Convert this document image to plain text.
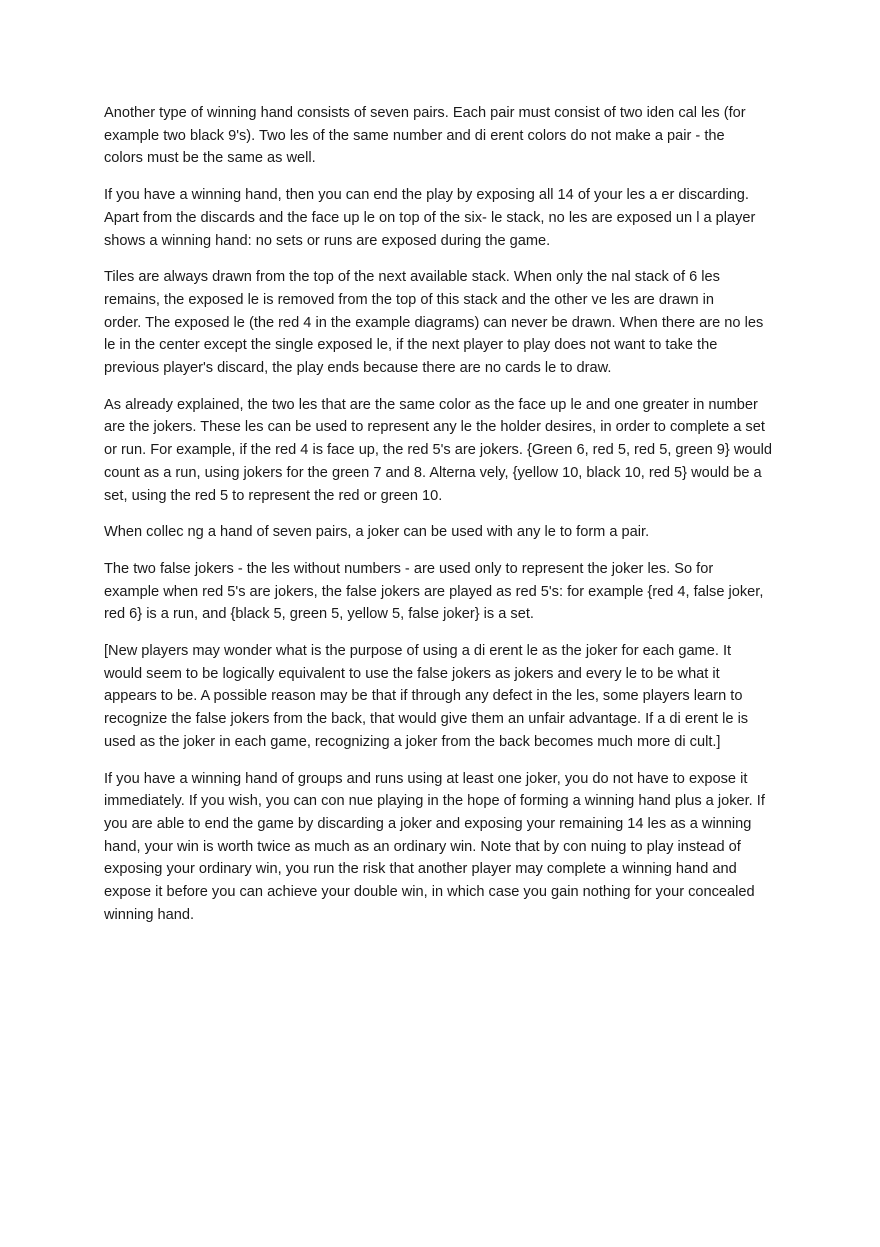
Another type of winning hand consists of seven pairs. Each pair must consist of two iden cal les (for
example two black 9's). Two les of the same number and di erent colors do not make a pair - the
colors must be the same as well.

If you have a winning hand, then you can end the play by exposing all 14 of your les a er discarding.
Apart from the discards and the face up le on top of the six- le stack, no les are exposed un l a player
shows a winning hand: no sets or runs are exposed during the game.

Tiles are always drawn from the top of the next available stack. When only the nal stack of 6 les
remains, the exposed le is removed from the top of this stack and the other ve les are drawn in
order. The exposed le (the red 4 in the example diagrams) can never be drawn. When there are no les
le in the center except the single exposed le, if the next player to play does not want to take the
previous player's discard, the play ends because there are no cards le to draw.

As already explained, the two les that are the same color as the face up le and one greater in number
are the jokers. These les can be used to represent any le the holder desires, in order to complete a set
or run. For example, if the red 4 is face up, the red 5's are jokers. {Green 6, red 5, red 5, green 9} would
count as a run, using jokers for the green 7 and 8. Alterna vely, {yellow 10, black 10, red 5} would be a
set, using the red 5 to represent the red or green 10.

When collec ng a hand of seven pairs, a joker can be used with any le to form a pair.

The two false jokers - the les without numbers - are used only to represent the joker les. So for
example when red 5's are jokers, the false jokers are played as red 5's: for example {red 4, false joker,
red 6} is a run, and {black 5, green 5, yellow 5, false joker} is a set.

[New players may wonder what is the purpose of using a di erent le as the joker for each game. It
would seem to be logically equivalent to use the false jokers as jokers and every le to be what it
appears to be. A possible reason may be that if through any defect in the les, some players learn to
recognize the false jokers from the back, that would give them an unfair advantage. If a di erent le is
used as the joker in each game, recognizing a joker from the back becomes much more di cult.]

If you have a winning hand of groups and runs using at least one joker, you do not have to expose it
immediately. If you wish, you can con nue playing in the hope of forming a winning hand plus a joker. If
you are able to end the game by discarding a joker and exposing your remaining 14 les as a winning
hand, your win is worth twice as much as an ordinary win. Note that by con nuing to play instead of
exposing your ordinary win, you run the risk that another player may complete a winning hand and
expose it before you can achieve your double win, in which case you gain nothing for your concealed
winning hand.
